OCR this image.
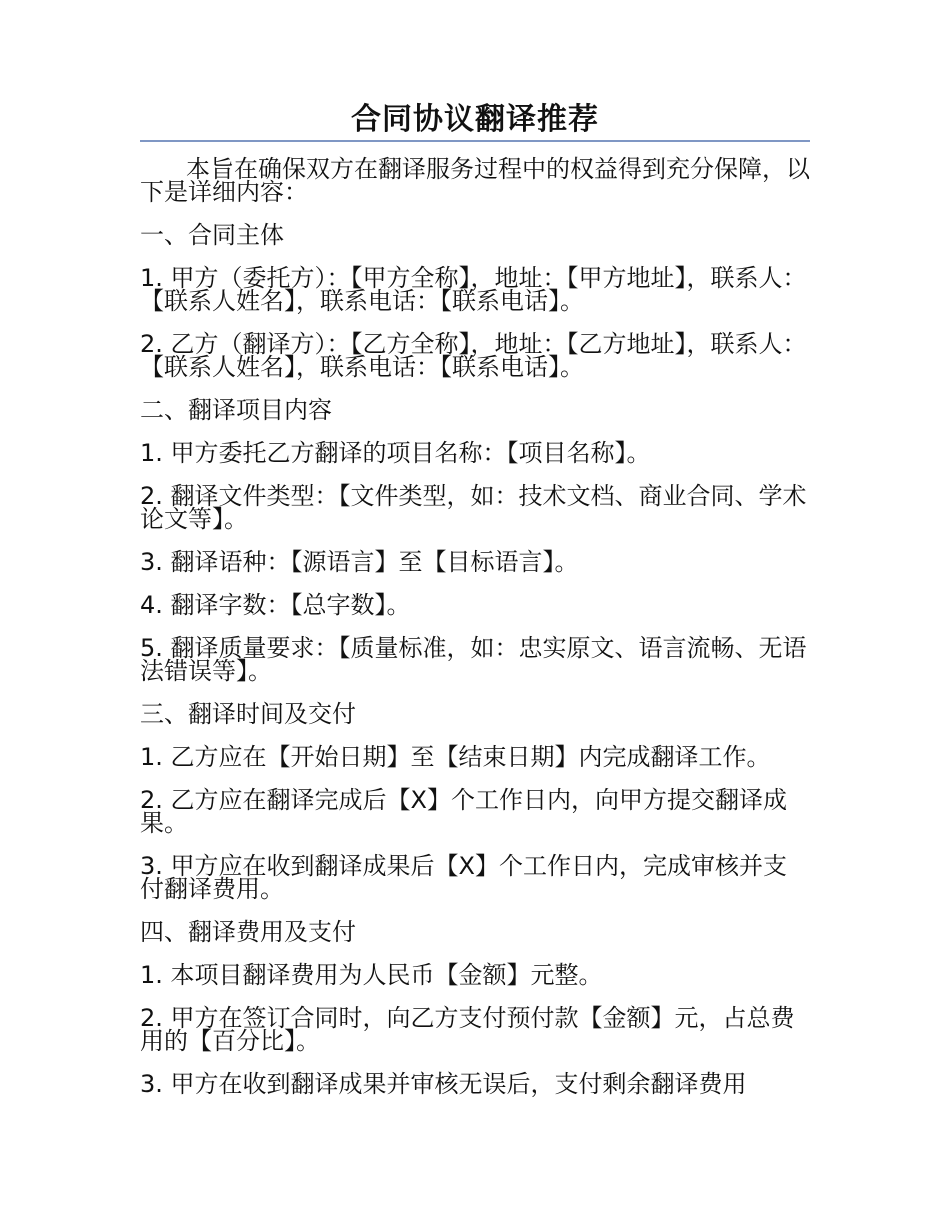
合同协议翻译推荐

本旨在确保双方在翻译服务过程中的权益得到充分保障，以下是详细内容：

一、合同主体

1. 甲方（委托方）：【甲方全称】，地址：【甲方地址】，联系人：【联系人姓名】，联系电话：【联系电话】。

2. 乙方（翻译方）：【乙方全称】，地址：【乙方地址】，联系人：【联系人姓名】，联系电话：【联系电话】。

二、翻译项目内容

1. 甲方委托乙方翻译的项目名称：【项目名称】。

2. 翻译文件类型：【文件类型，如：技术文档、商业合同、学术论文等】。

3. 翻译语种：【源语言】至【目标语言】。

4. 翻译字数：【总字数】。

5. 翻译质量要求：【质量标准，如：忠实原文、语言流畅、无语法错误等】。

三、翻译时间及交付

1. 乙方应在【开始日期】至【结束日期】内完成翻译工作。

2. 乙方应在翻译完成后【X】个工作日内，向甲方提交翻译成果。

3. 甲方应在收到翻译成果后【X】个工作日内，完成审核并支付翻译费用。

四、翻译费用及支付

1. 本项目翻译费用为人民币【金额】元整。

2. 甲方在签订合同时，向乙方支付预付款【金额】元，占总费用的【百分比】。

3. 甲方在收到翻译成果并审核无误后，支付剩余翻译费用
